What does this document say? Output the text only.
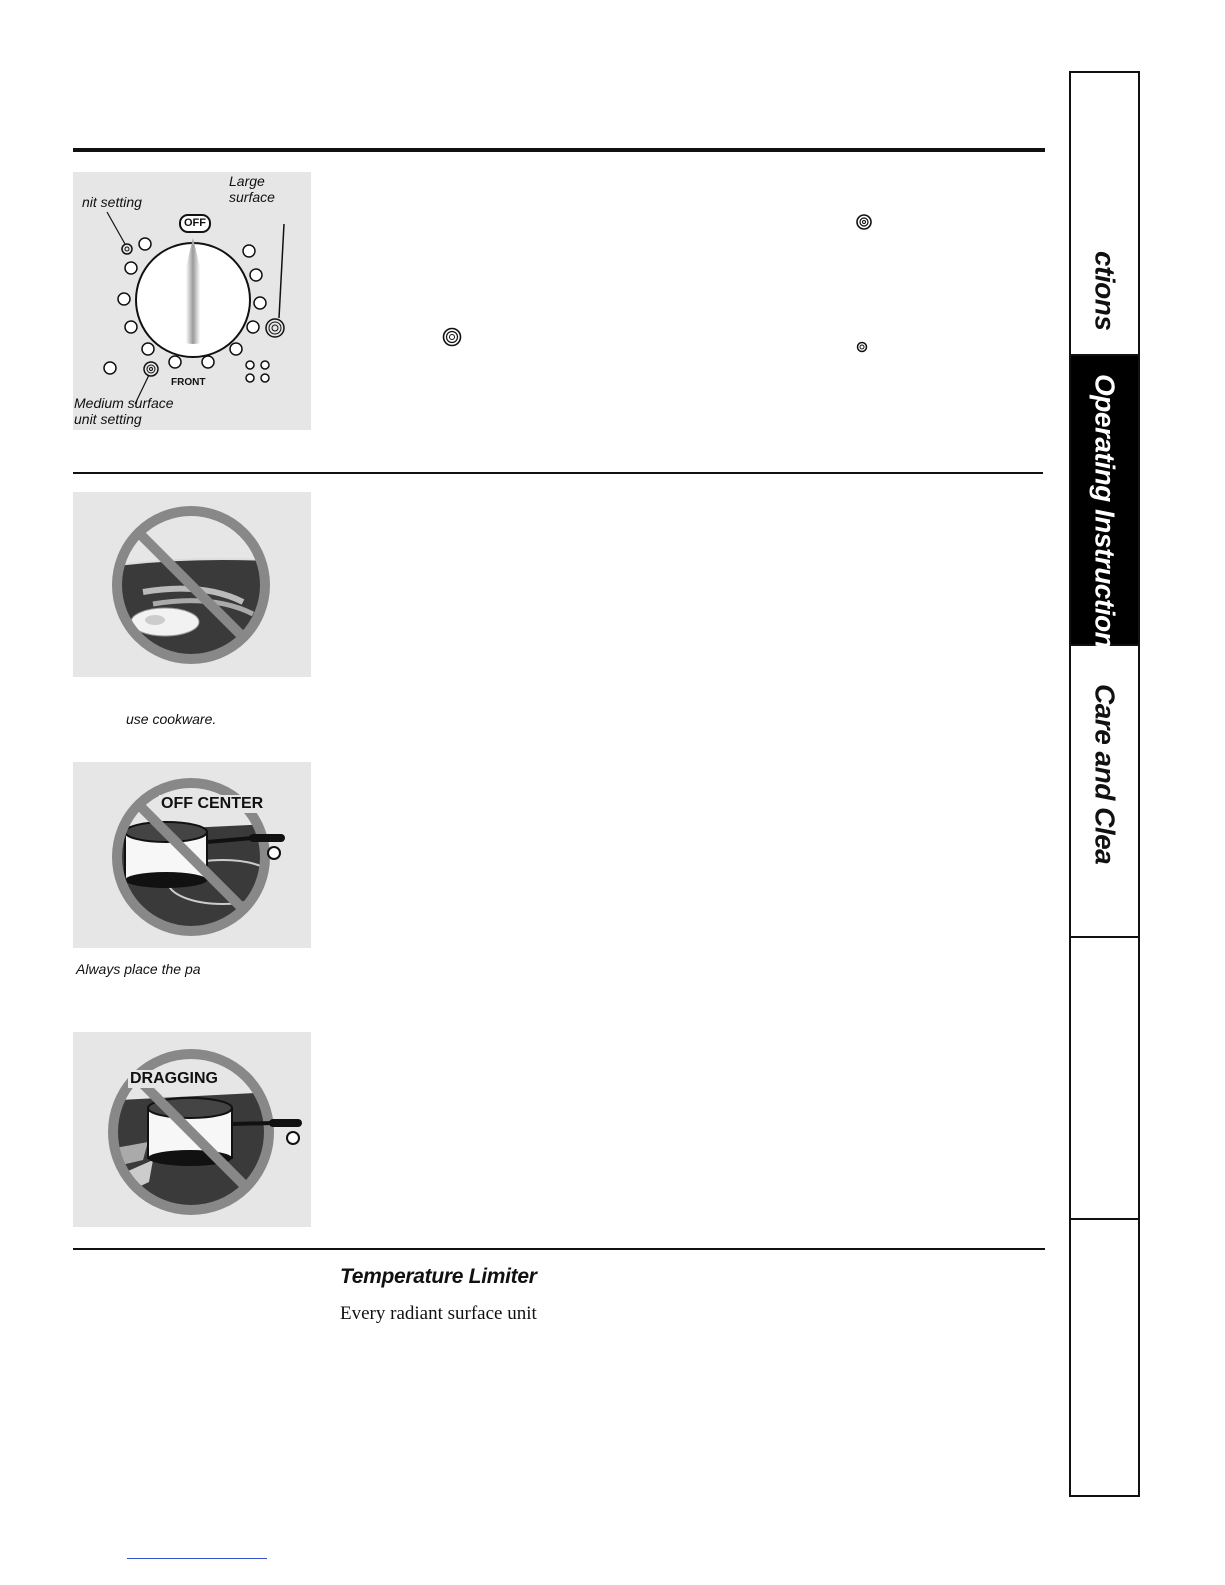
Large
surface
nit setting
OFF
FRONT
Medium surface
unit setting
use cookware.
OFF CENTER
Always place the pa
DRAGGING
Temperature Limiter
Every radiant surface unit
ctions
Operating Instructions
Care and Clea
